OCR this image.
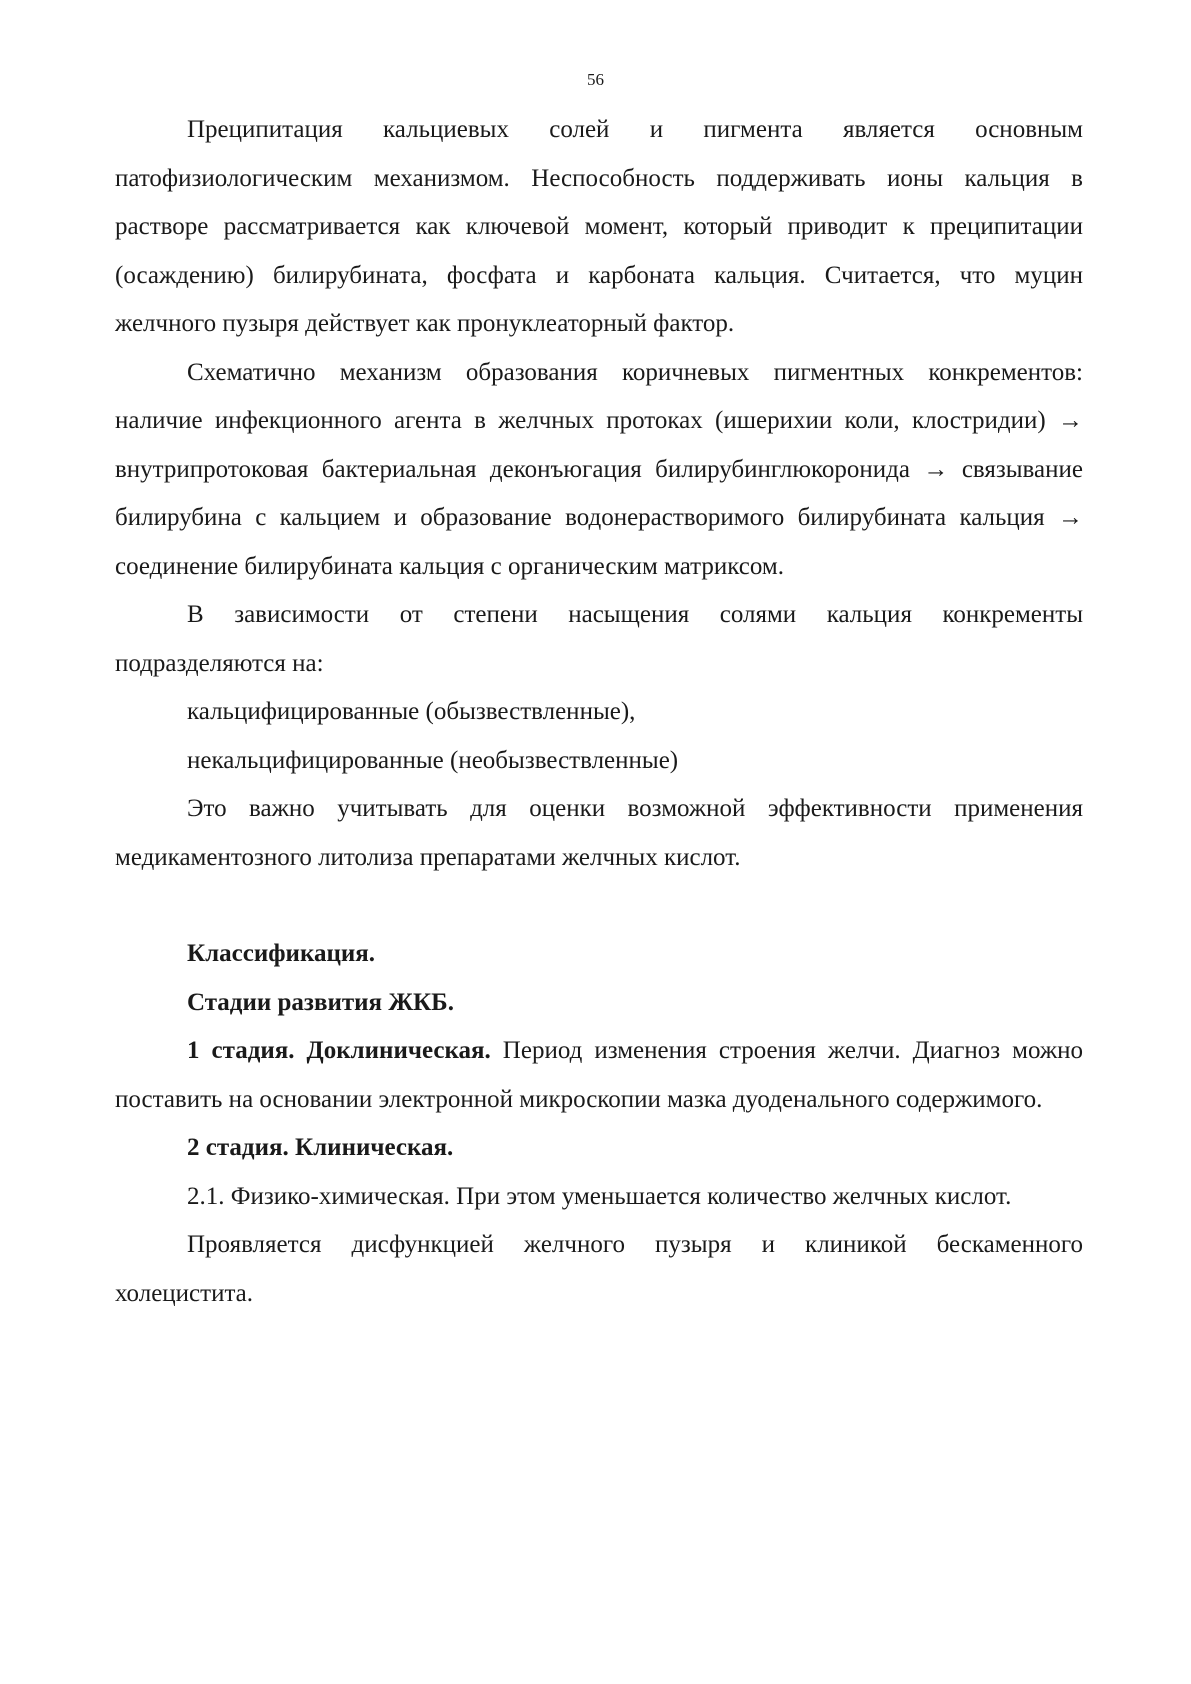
56

Преципитация кальциевых солей и пигмента является основным патофизиологическим механизмом. Неспособность поддерживать ионы кальция в растворе рассматривается как ключевой момент, который приводит к преципитации (осаждению) билирубината, фосфата и карбоната кальция. Считается, что муцин желчного пузыря действует как пронуклеаторный фактор.

Схематично механизм образования коричневых пигментных конкрементов: наличие инфекционного агента в желчных протоках (ишерихии коли, клостридии) → внутрипротоковая бактериальная деконъюгация билирубинглюкоронида → связывание билирубина с кальцием и образование водонерастворимого билирубината кальция → соединение билирубината кальция с органическим матриксом.

В зависимости от степени насыщения солями кальция конкременты подразделяются на:

кальцифицированные (обызвествленные),

некальцифицированные (необызвествленные)

Это важно учитывать для оценки возможной эффективности применения медикаментозного литолиза препаратами желчных кислот.

Классификация.

Стадии развития ЖКБ.

1 стадия. Доклиническая. Период изменения строения желчи. Диагноз можно поставить на основании электронной микроскопии мазка дуоденального содержимого.

2 стадия. Клиническая.

2.1. Физико-химическая. При этом уменьшается количество желчных кислот.

Проявляется дисфункцией желчного пузыря и клиникой бескаменного холецистита.
